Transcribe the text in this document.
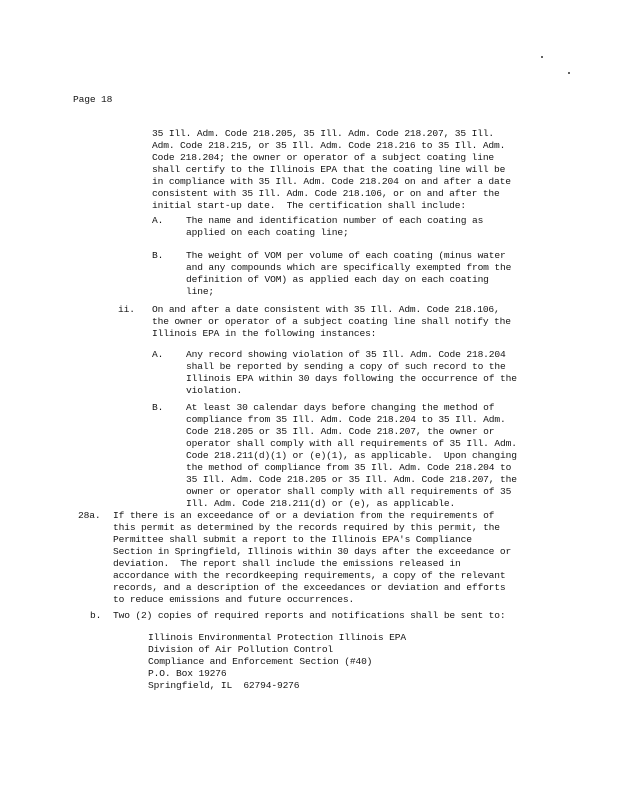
Page 18
35 Ill. Adm. Code 218.205, 35 Ill. Adm. Code 218.207, 35 Ill.
Adm. Code 218.215, or 35 Ill. Adm. Code 218.216 to 35 Ill. Adm.
Code 218.204; the owner or operator of a subject coating line
shall certify to the Illinois EPA that the coating line will be
in compliance with 35 Ill. Adm. Code 218.204 on and after a date
consistent with 35 Ill. Adm. Code 218.106, or on and after the
initial start-up date.  The certification shall include:
A. The name and identification number of each coating as
applied on each coating line;
B. The weight of VOM per volume of each coating (minus water
and any compounds which are specifically exempted from the
definition of VOM) as applied each day on each coating
line;
ii. On and after a date consistent with 35 Ill. Adm. Code 218.106,
the owner or operator of a subject coating line shall notify the
Illinois EPA in the following instances:
A. Any record showing violation of 35 Ill. Adm. Code 218.204
shall be reported by sending a copy of such record to the
Illinois EPA within 30 days following the occurrence of the
violation.
B. At least 30 calendar days before changing the method of
compliance from 35 Ill. Adm. Code 218.204 to 35 Ill. Adm.
Code 218.205 or 35 Ill. Adm. Code 218.207, the owner or
operator shall comply with all requirements of 35 Ill. Adm.
Code 218.211(d)(1) or (e)(1), as applicable.  Upon changing
the method of compliance from 35 Ill. Adm. Code 218.204 to
35 Ill. Adm. Code 218.205 or 35 Ill. Adm. Code 218.207, the
owner or operator shall comply with all requirements of 35
Ill. Adm. Code 218.211(d) or (e), as applicable.
28a. If there is an exceedance of or a deviation from the requirements of
this permit as determined by the records required by this permit, the
Permittee shall submit a report to the Illinois EPA's Compliance
Section in Springfield, Illinois within 30 days after the exceedance or
deviation.  The report shall include the emissions released in
accordance with the recordkeeping requirements, a copy of the relevant
records, and a description of the exceedances or deviation and efforts
to reduce emissions and future occurrences.
b. Two (2) copies of required reports and notifications shall be sent to:
Illinois Environmental Protection Illinois EPA
Division of Air Pollution Control
Compliance and Enforcement Section (#40)
P.O. Box 19276
Springfield, IL  62794-9276
